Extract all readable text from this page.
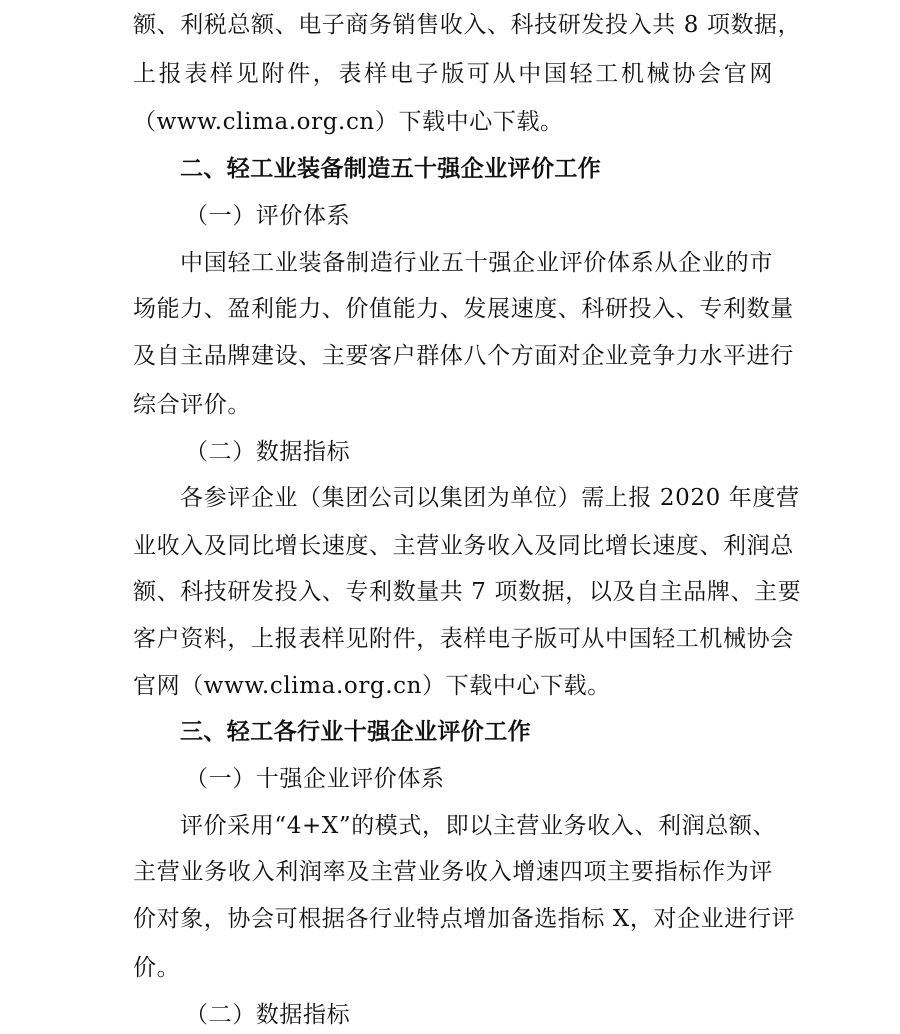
额、利税总额、电子商务销售收入、科技研发投入共 8 项数据，
上报表样见附件，表样电子版可从中国轻工机械协会官网
（www.clima.org.cn）下载中心下载。
二、轻工业装备制造五十强企业评价工作
（一）评价体系
中国轻工业装备制造行业五十强企业评价体系从企业的市
场能力、盈利能力、价值能力、发展速度、科研投入、专利数量
及自主品牌建设、主要客户群体八个方面对企业竞争力水平进行
综合评价。
（二）数据指标
各参评企业（集团公司以集团为单位）需上报 2020 年度营
业收入及同比增长速度、主营业务收入及同比增长速度、利润总
额、科技研发投入、专利数量共 7 项数据，以及自主品牌、主要
客户资料，上报表样见附件，表样电子版可从中国轻工机械协会
官网（www.clima.org.cn）下载中心下载。
三、轻工各行业十强企业评价工作
（一）十强企业评价体系
评价采用“4+X”的模式，即以主营业务收入、利润总额、
主营业务收入利润率及主营业务收入增速四项主要指标作为评
价对象，协会可根据各行业特点增加备选指标 X，对企业进行评
价。
（二）数据指标
